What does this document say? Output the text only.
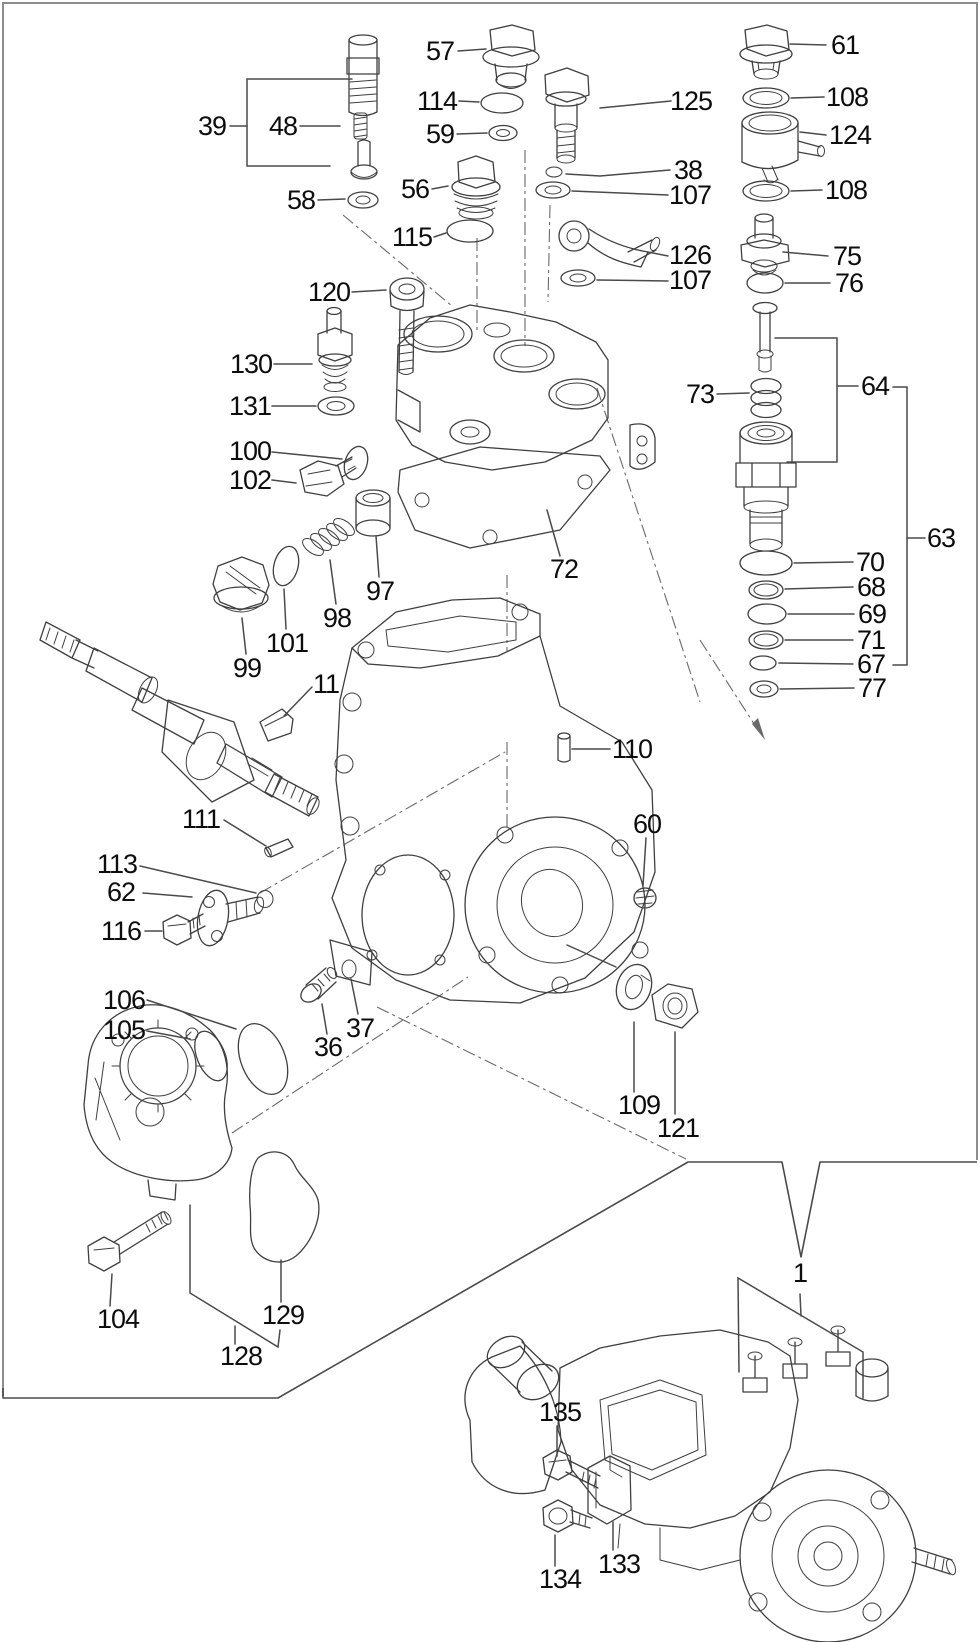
57
114
59
39 48
58	56
115
125
38
107
126
107
61
108
124
108
75
76
73	64
63
70
68
69
71
67
77
120
130
131
100
102
72
97
98
101
99
11
110
60
111
113
62
116
36
37
106
105
109
121
104	129
128
1
135
134 133
